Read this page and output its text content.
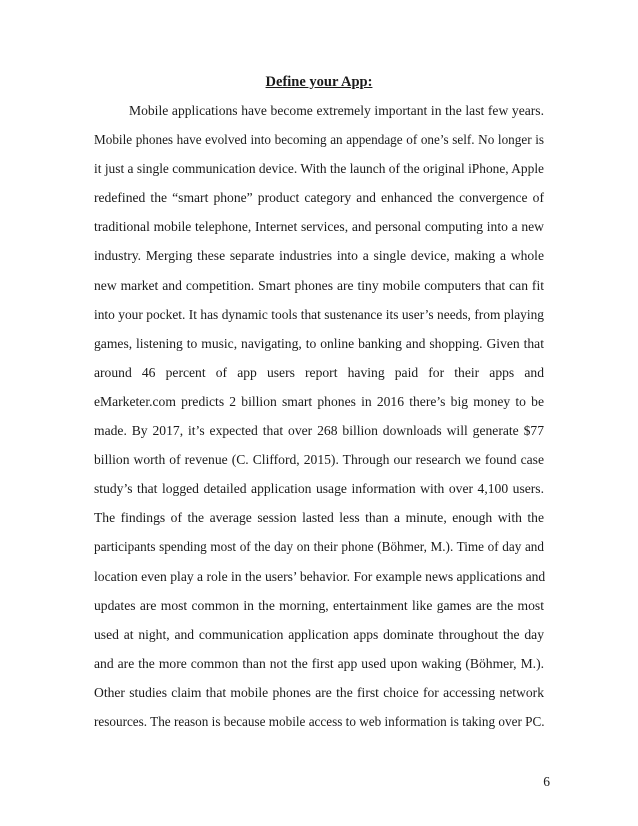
Define your App:
Mobile applications have become extremely important in the last few years.
Mobile phones have evolved into becoming an appendage of one’s self. No longer is
it just a single communication device. With the launch of the original iPhone, Apple
redefined the “smart phone” product category and enhanced the convergence of
traditional mobile telephone, Internet services, and personal computing into a new
industry. Merging these separate industries into a single device, making a whole
new market and competition. Smart phones are tiny mobile computers that can fit
into your pocket. It has dynamic tools that sustenance its user’s needs, from playing
games, listening to music, navigating, to online banking and shopping. Given that
around 46 percent of app users report having paid for their apps and
eMarketer.com predicts 2 billion smart phones in 2016 there’s big money to be
made. By 2017, it’s expected that over 268 billion downloads will generate $77
billion worth of revenue (C. Clifford, 2015). Through our research we found case
study’s that logged detailed application usage information with over 4,100 users.
The findings of the average session lasted less than a minute, enough with the
participants spending most of the day on their phone (Böhmer, M.). Time of day and
location even play a role in the users’ behavior. For example news applications and
updates are most common in the morning, entertainment like games are the most
used at night, and communication application apps dominate throughout the day
and are the more common than not the first app used upon waking (Böhmer, M.).
Other studies claim that mobile phones are the first choice for accessing network
resources. The reason is because mobile access to web information is taking over PC.

6
